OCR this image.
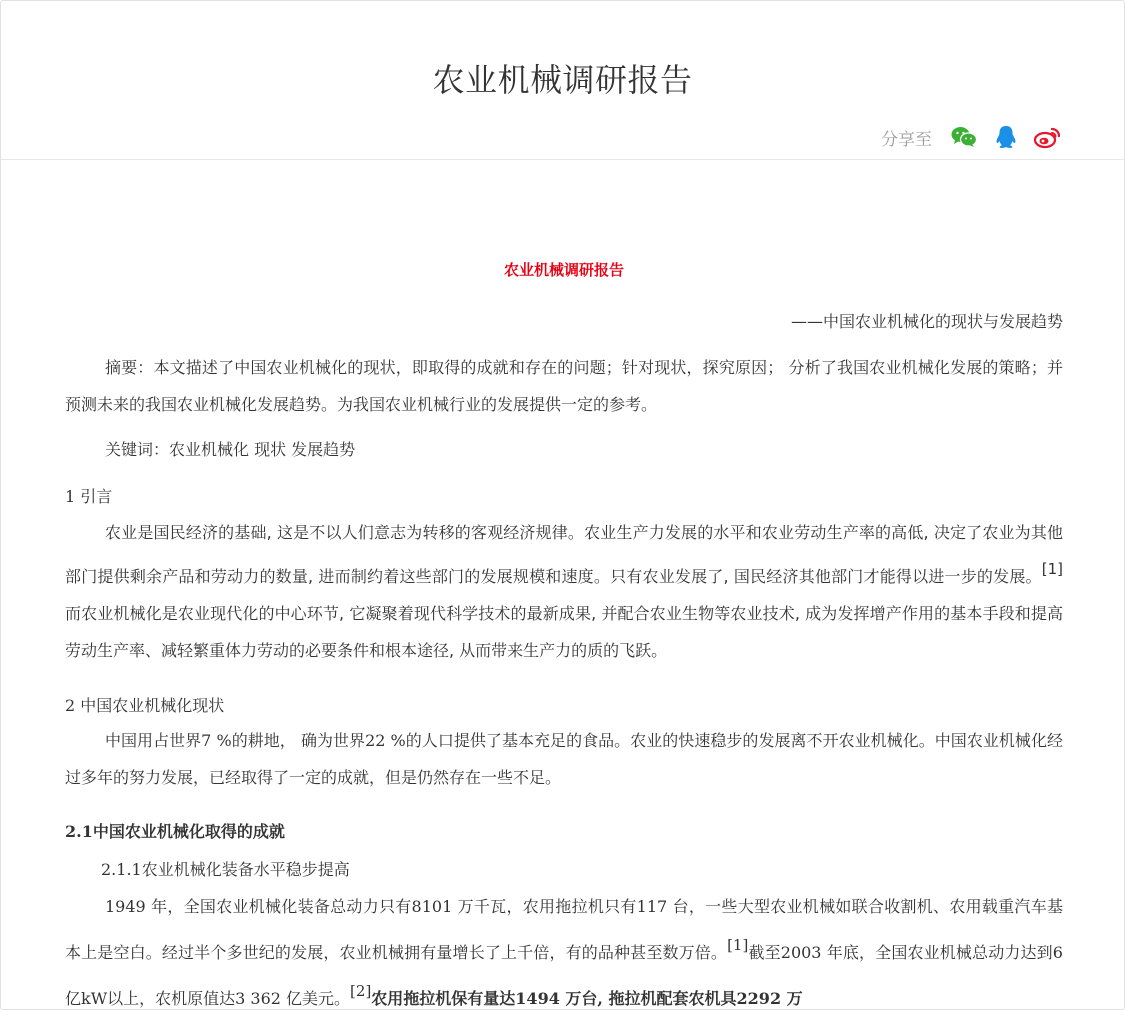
农业机械调研报告
分享至
农业机械调研报告
——中国农业机械化的现状与发展趋势

摘要：本文描述了中国农业机械化的现状，即取得的成就和存在的问题；针对现状，探究原因； 分析了我国农业机械化发展的策略；并预测未来的我国农业机械化发展趋势。为我国农业机械行业的发展提供一定的参考。

关键词：农业机械化 现状 发展趋势

1 引言

农业是国民经济的基础, 这是不以人们意志为转移的客观经济规律。农业生产力发展的水平和农业劳动生产率的高低, 决定了农业为其他部门提供剩余产品和劳动力的数量, 进而制约着这些部门的发展规模和速度。只有农业发展了, 国民经济其他部门才能得以进一步的发展。[1]而农业机械化是农业现代化的中心环节, 它凝聚着现代科学技术的最新成果, 并配合农业生物等农业技术, 成为发挥增产作用的基本手段和提高劳动生产率、减轻繁重体力劳动的必要条件和根本途径, 从而带来生产力的质的飞跃。

2 中国农业机械化现状

中国用占世界7 %的耕地， 确为世界22 %的人口提供了基本充足的食品。农业的快速稳步的发展离不开农业机械化。中国农业机械化经过多年的努力发展，已经取得了一定的成就，但是仍然存在一些不足。

2.1中国农业机械化取得的成就
2.1.1农业机械化装备水平稳步提高

1949 年，全国农业机械化装备总动力只有8101 万千瓦，农用拖拉机只有117 台，一些大型农业机械如联合收割机、农用载重汽车基本上是空白。经过半个多世纪的发展，农业机械拥有量增长了上千倍，有的品种甚至数万倍。[1]截至2003 年底，全国农业机械总动力达到6 亿kW以上，农机原值达3 362 亿美元。[2]农用拖拉机保有量达1494 万台, 拖拉机配套农机具2292 万
